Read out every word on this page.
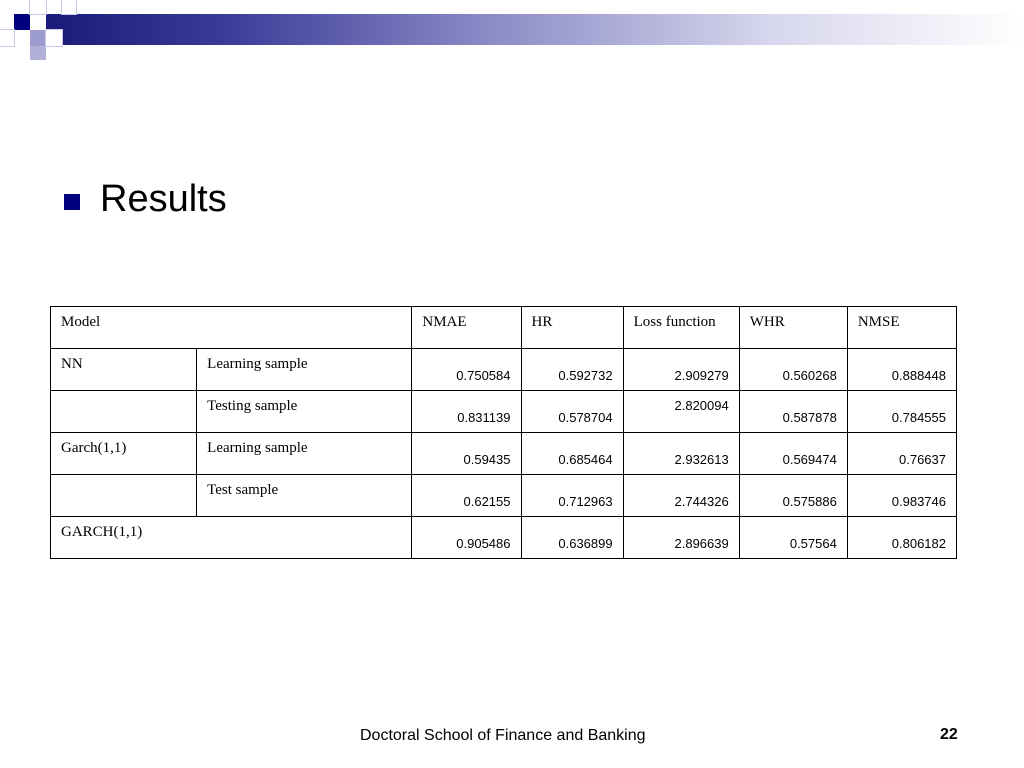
Results
Model		NMAE	HR	Loss function	WHR	NMSE

NN	Learning sample	0.750584	0.592732	2.909279	0.560268	0.888448

	Testing sample	0.831139	0.578704	2.820094	0.587878	0.784555

Garch(1,1)	Learning sample	0.59435	0.685464	2.932613	0.569474	0.76637

	Test sample	0.62155	0.712963	2.744326	0.575886	0.983746

GARCH(1,1)		0.905486	0.636899	2.896639	0.57564	0.806182
Doctoral School of Finance and Banking	22
